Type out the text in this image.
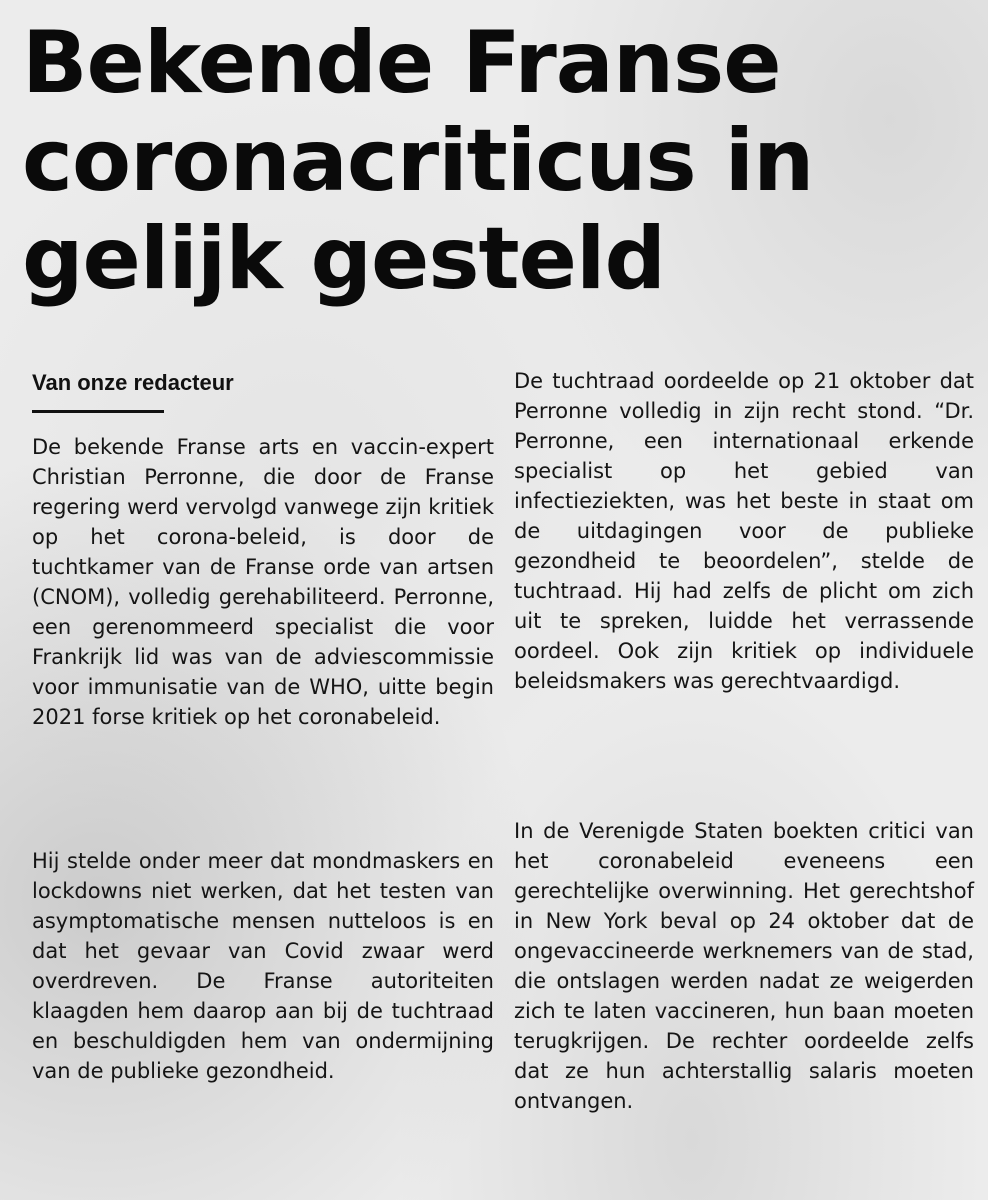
Bekende Franse coronacriticus in gelijk gesteld
Van onze redacteur

De bekende Franse arts en vaccin-expert Christian Perronne, die door de Franse regering werd vervolgd vanwege zijn kritiek op het corona-beleid, is door de tuchtkamer van de Franse orde van artsen (CNOM), volledig gerehabiliteerd. Perronne, een gerenommeerd specialist die voor Frankrijk lid was van de adviescommissie voor immunisatie van de WHO, uitte begin 2021 forse kritiek op het coronabeleid.

Hij stelde onder meer dat mondmaskers en lockdowns niet werken, dat het testen van asymptomatische mensen nutteloos is en dat het gevaar van Covid zwaar werd overdreven. De Franse autoriteiten klaagden hem daarop aan bij de tuchtraad en beschuldigden hem van ondermijning van de publieke gezondheid.

De tuchtraad oordeelde op 21 oktober dat Perronne volledig in zijn recht stond. “Dr. Perronne, een internationaal erkende specialist op het gebied van infectieziekten, was het beste in staat om de uitdagingen voor de publieke gezondheid te beoordelen”, stelde de tuchtraad. Hij had zelfs de plicht om zich uit te spreken, luidde het verrassende oordeel. Ook zijn kritiek op individuele beleidsmakers was gerechtvaardigd.

In de Verenigde Staten boekten critici van het coronabeleid eveneens een gerechtelijke overwinning. Het gerechtshof in New York beval op 24 oktober dat de ongevaccineerde werknemers van de stad, die ontslagen werden nadat ze weigerden zich te laten vaccineren, hun baan moeten terugkrijgen. De rechter oordeelde zelfs dat ze hun achterstallig salaris moeten ontvangen.
